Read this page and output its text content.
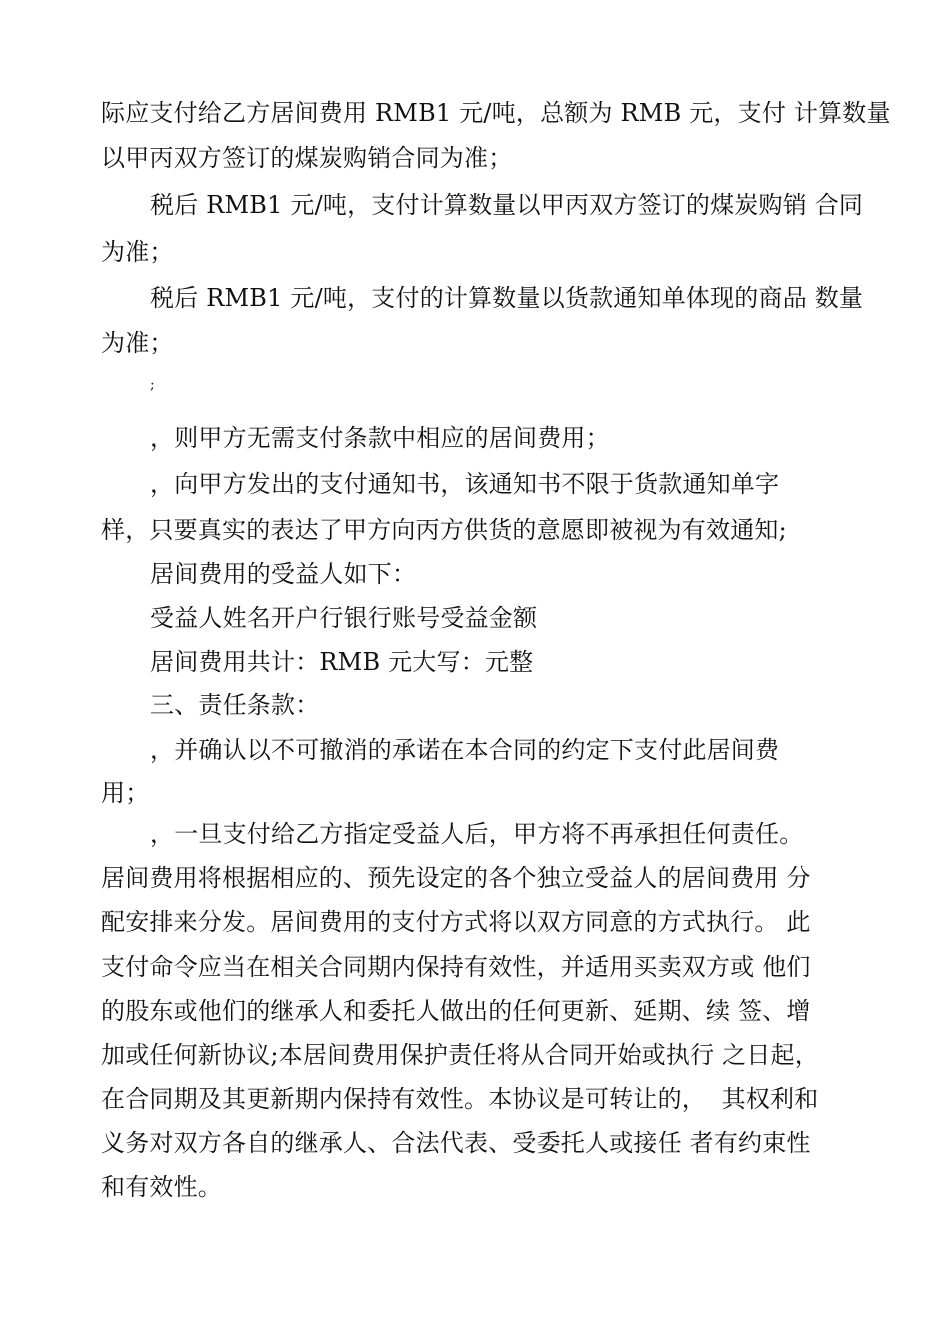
际应支付给乙方居间费用 RMB1 元/吨，总额为 RMB 元，支付 计算数量
以甲丙双方签订的煤炭购销合同为准；
税后 RMB1 元/吨，支付计算数量以甲丙双方签订的煤炭购销 合同
为准；
税后 RMB1 元/吨，支付的计算数量以货款通知单体现的商品 数量
为准；
;
，则甲方无需支付条款中相应的居间费用；
，向甲方发出的支付通知书，该通知书不限于货款通知单字
样，只要真实的表达了甲方向丙方供货的意愿即被视为有效通知;
居间费用的受益人如下：
受益人姓名开户行银行账号受益金额
居间费用共计：RMB 元大写：元整
三、责任条款：
，并确认以不可撤消的承诺在本合同的约定下支付此居间费
用；
，一旦支付给乙方指定受益人后，甲方将不再承担任何责任。
居间费用将根据相应的、预先设定的各个独立受益人的居间费用 分
配安排来分发。居间费用的支付方式将以双方同意的方式执行。 此
支付命令应当在相关合同期内保持有效性，并适用买卖双方或 他们
的股东或他们的继承人和委托人做出的任何更新、延期、续 签、增
加或任何新协议;本居间费用保护责任将从合同开始或执行 之日起，
在合同期及其更新期内保持有效性。本协议是可转让的，  其权利和
义务对双方各自的继承人、合法代表、受委托人或接任 者有约束性
和有效性。
